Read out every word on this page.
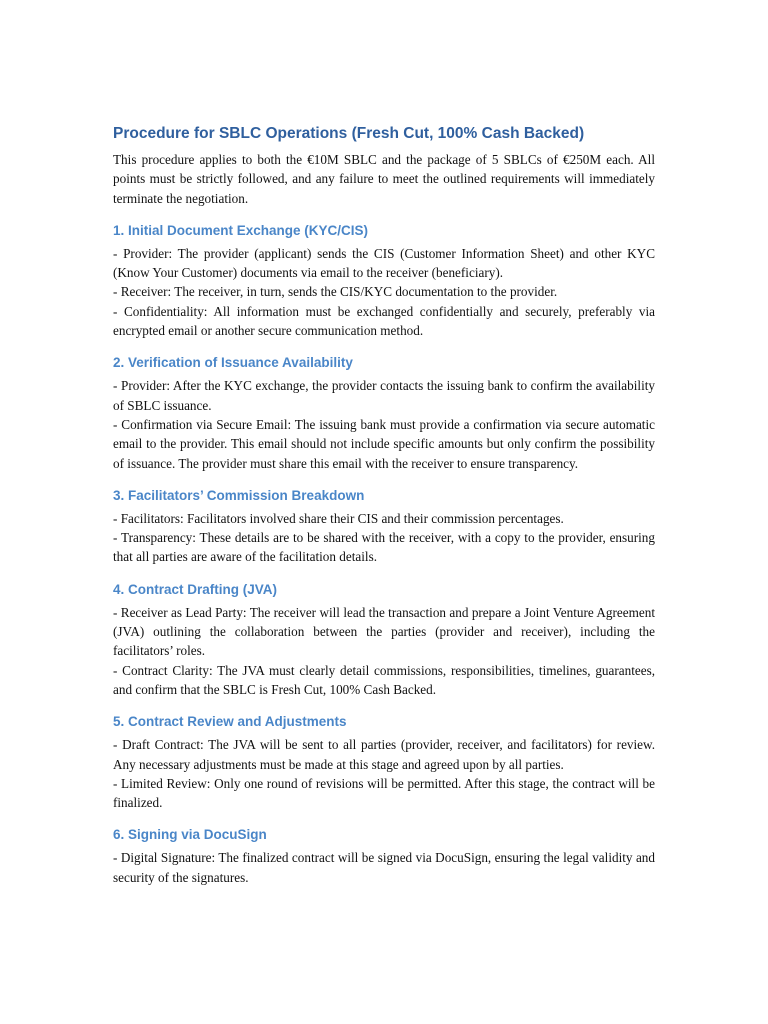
Procedure for SBLC Operations (Fresh Cut, 100% Cash Backed)

This procedure applies to both the €10M SBLC and the package of 5 SBLCs of €250M each. All points must be strictly followed, and any failure to meet the outlined requirements will immediately terminate the negotiation.

1. Initial Document Exchange (KYC/CIS)

- Provider: The provider (applicant) sends the CIS (Customer Information Sheet) and other KYC (Know Your Customer) documents via email to the receiver (beneficiary).

- Receiver: The receiver, in turn, sends the CIS/KYC documentation to the provider.

- Confidentiality: All information must be exchanged confidentially and securely, preferably via encrypted email or another secure communication method.

2. Verification of Issuance Availability

- Provider: After the KYC exchange, the provider contacts the issuing bank to confirm the availability of SBLC issuance.

- Confirmation via Secure Email: The issuing bank must provide a confirmation via secure automatic email to the provider. This email should not include specific amounts but only confirm the possibility of issuance. The provider must share this email with the receiver to ensure transparency.

3. Facilitators’ Commission Breakdown

- Facilitators: Facilitators involved share their CIS and their commission percentages.

- Transparency: These details are to be shared with the receiver, with a copy to the provider, ensuring that all parties are aware of the facilitation details.

4. Contract Drafting (JVA)

- Receiver as Lead Party: The receiver will lead the transaction and prepare a Joint Venture Agreement (JVA) outlining the collaboration between the parties (provider and receiver), including the facilitators’ roles.

- Contract Clarity: The JVA must clearly detail commissions, responsibilities, timelines, guarantees, and confirm that the SBLC is Fresh Cut, 100% Cash Backed.

5. Contract Review and Adjustments

- Draft Contract: The JVA will be sent to all parties (provider, receiver, and facilitators) for review. Any necessary adjustments must be made at this stage and agreed upon by all parties.

- Limited Review: Only one round of revisions will be permitted. After this stage, the contract will be finalized.

6. Signing via DocuSign

- Digital Signature: The finalized contract will be signed via DocuSign, ensuring the legal validity and security of the signatures.
